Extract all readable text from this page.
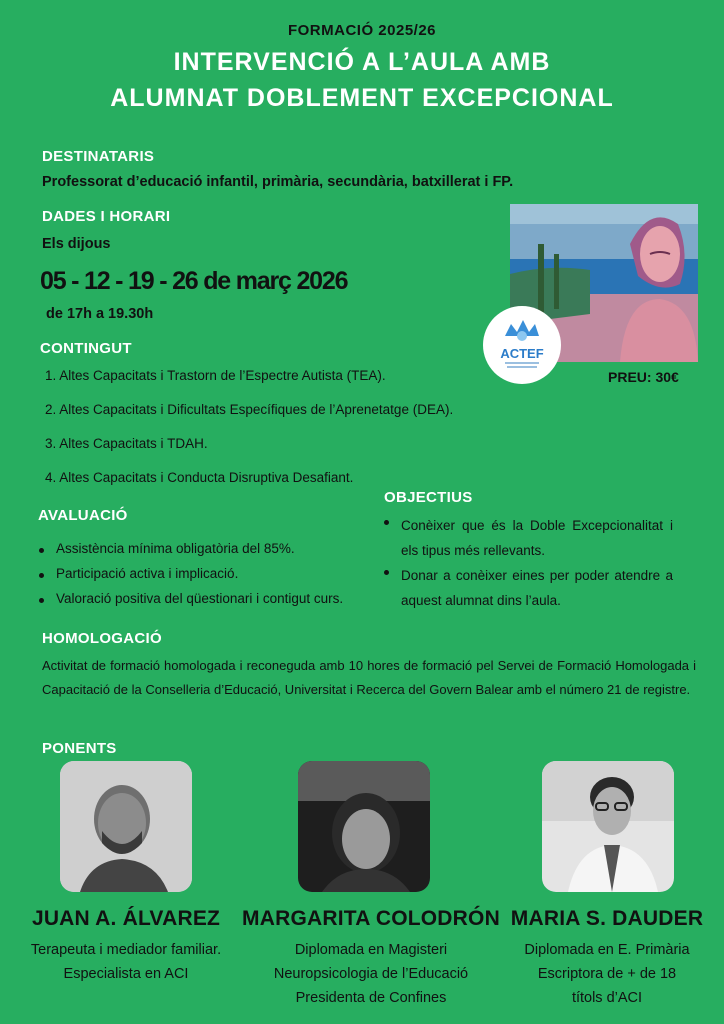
FORMACIÓ 2025/26
INTERVENCIÓ A L’AULA AMB
ALUMNAT DOBLEMENT EXCEPCIONAL
DESTINATARIS
Professorat d’educació infantil, primària, secundària, batxillerat i FP.
DADES I HORARI
Els dijous
05 - 12 - 19 - 26 de març 2026
de 17h a 19.30h
ACTEF
PREU: 30€
CONTINGUT
1. Altes Capacitats i Trastorn de l’Espectre Autista (TEA).
2. Altes Capacitats i Dificultats Específiques de l’Aprenetatge (DEA).
3. Altes Capacitats i TDAH.
4. Altes Capacitats i Conducta Disruptiva Desafiant.
AVALUACIÓ
Assistència mínima obligatòria del 85%.
Participació activa i implicació.
Valoració positiva del qüestionari i contigut curs.
OBJECTIUS
Conèixer que és la Doble Excepcionalitat i els tipus més rellevants.
Donar a conèixer eines per poder atendre a aquest alumnat dins l’aula.
HOMOLOGACIÓ
Activitat de formació homologada i reconeguda amb 10 hores de formació pel Servei de Formació Homologada i Capacitació de la Conselleria d’Educació, Universitat i Recerca del Govern Balear amb el número 21 de registre.
PONENTS
JUAN A. ÁLVAREZ	MARGARITA COLODRÓN MARIA S. DAUDER
Terapeuta i mediador familiar.
Especialista en ACI
Diplomada en Magisteri
Neuropsicologia de l’Educació
Presidenta de Confines
Diplomada en E. Primària
Escriptora de + de 18
títols d’ACI
